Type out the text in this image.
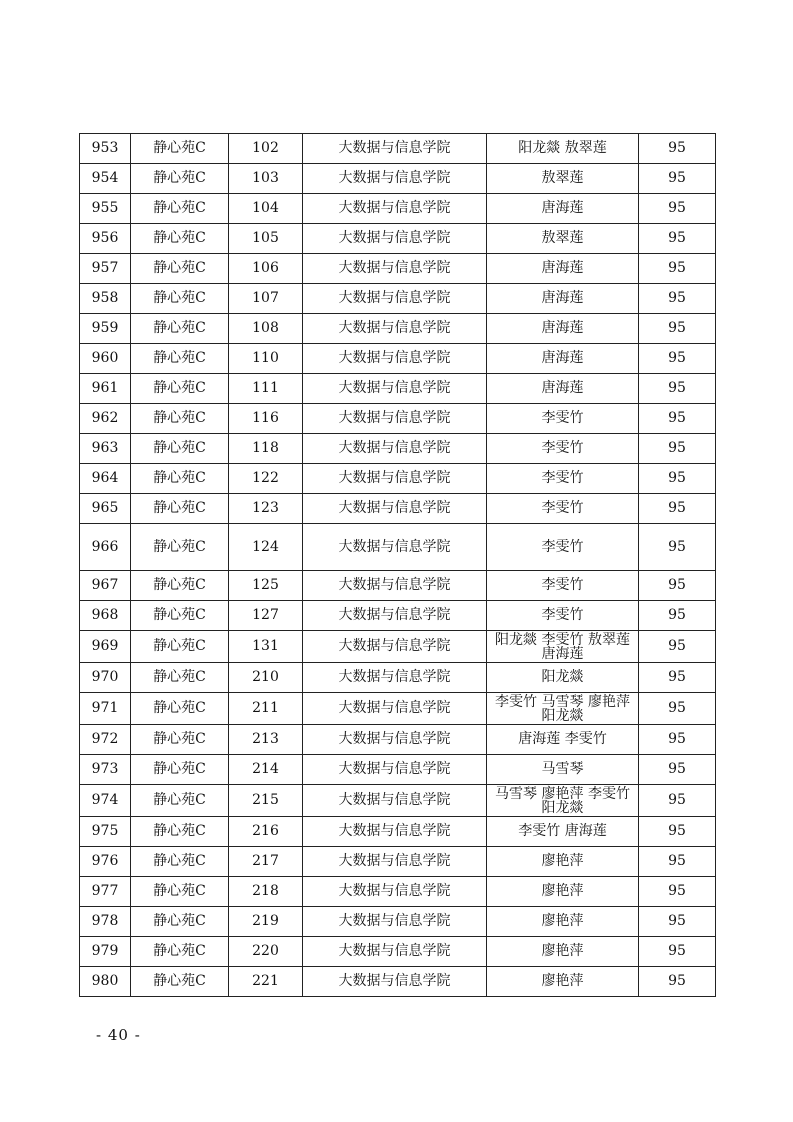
953	静心苑C	102	大数据与信息学院	阳龙燚 敖翠莲	95
954	静心苑C	103	大数据与信息学院	敖翠莲	95
955	静心苑C	104	大数据与信息学院	唐海莲	95
956	静心苑C	105	大数据与信息学院	敖翠莲	95
957	静心苑C	106	大数据与信息学院	唐海莲	95
958	静心苑C	107	大数据与信息学院	唐海莲	95
959	静心苑C	108	大数据与信息学院	唐海莲	95
960	静心苑C	110	大数据与信息学院	唐海莲	95
961	静心苑C	111	大数据与信息学院	唐海莲	95
962	静心苑C	116	大数据与信息学院	李雯竹	95
963	静心苑C	118	大数据与信息学院	李雯竹	95
964	静心苑C	122	大数据与信息学院	李雯竹	95
965	静心苑C	123	大数据与信息学院	李雯竹	95
966	静心苑C	124	大数据与信息学院	李雯竹	95
967	静心苑C	125	大数据与信息学院	李雯竹	95
968	静心苑C	127	大数据与信息学院	李雯竹	95
969	静心苑C	131	大数据与信息学院	阳龙燚 李雯竹 敖翠莲 唐海莲	95
970	静心苑C	210	大数据与信息学院	阳龙燚	95
971	静心苑C	211	大数据与信息学院	李雯竹 马雪琴 廖艳萍 阳龙燚	95
972	静心苑C	213	大数据与信息学院	唐海莲 李雯竹	95
973	静心苑C	214	大数据与信息学院	马雪琴	95
974	静心苑C	215	大数据与信息学院	马雪琴 廖艳萍 李雯竹 阳龙燚	95
975	静心苑C	216	大数据与信息学院	李雯竹 唐海莲	95
976	静心苑C	217	大数据与信息学院	廖艳萍	95
977	静心苑C	218	大数据与信息学院	廖艳萍	95
978	静心苑C	219	大数据与信息学院	廖艳萍	95
979	静心苑C	220	大数据与信息学院	廖艳萍	95
980	静心苑C	221	大数据与信息学院	廖艳萍	95
- 40 -
